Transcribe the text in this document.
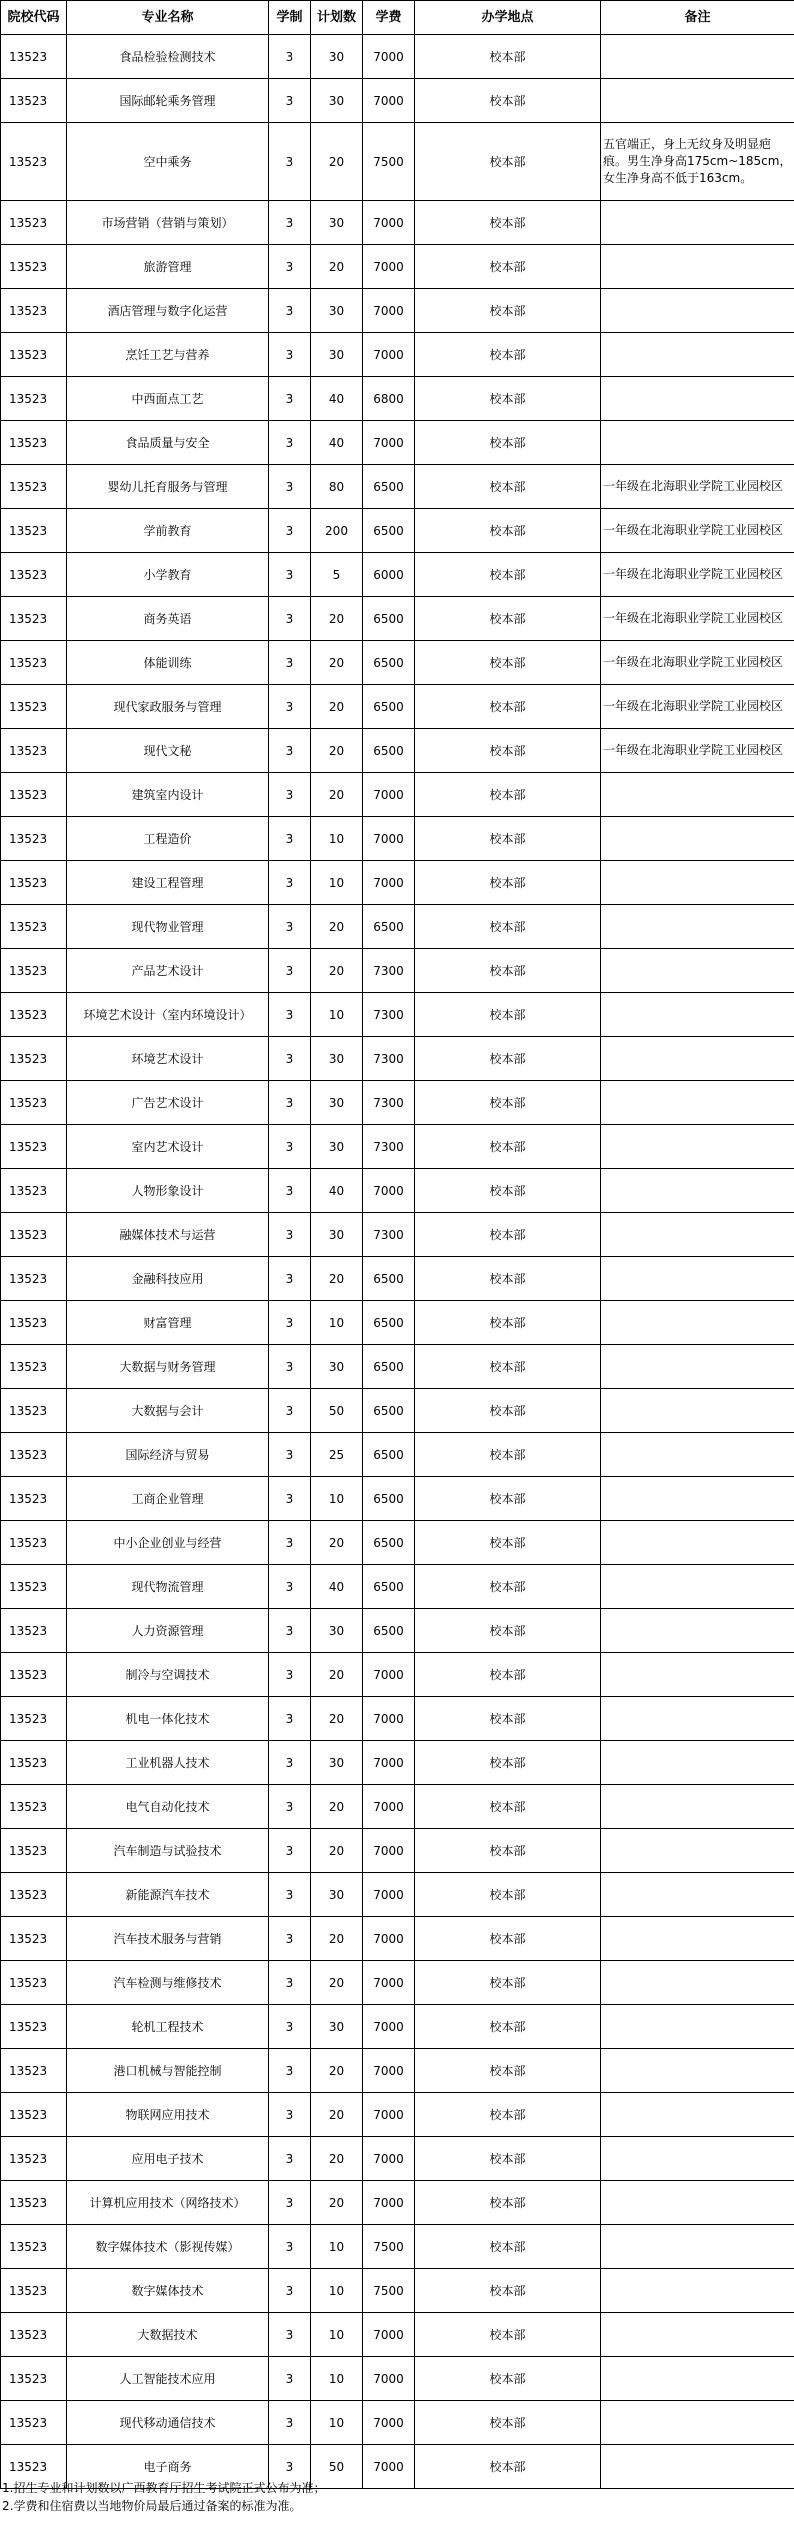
院校代码	专业名称	学制	计划数	学费	办学地点	备注
13523	食品检验检测技术	3	30	7000	校本部	
13523	国际邮轮乘务管理	3	30	7000	校本部	
13523	空中乘务	3	20	7500	校本部	五官端正，身上无纹身及明显疤痕。男生净身高175cm~185cm，女生净身高不低于163cm。
13523	市场营销（营销与策划）	3	30	7000	校本部	
13523	旅游管理	3	20	7000	校本部	
13523	酒店管理与数字化运营	3	30	7000	校本部	
13523	烹饪工艺与营养	3	30	7000	校本部	
13523	中西面点工艺	3	40	6800	校本部	
13523	食品质量与安全	3	40	7000	校本部	
13523	婴幼儿托育服务与管理	3	80	6500	校本部	一年级在北海职业学院工业园校区
13523	学前教育	3	200	6500	校本部	一年级在北海职业学院工业园校区
13523	小学教育	3	5	6000	校本部	一年级在北海职业学院工业园校区
13523	商务英语	3	20	6500	校本部	一年级在北海职业学院工业园校区
13523	体能训练	3	20	6500	校本部	一年级在北海职业学院工业园校区
13523	现代家政服务与管理	3	20	6500	校本部	一年级在北海职业学院工业园校区
13523	现代文秘	3	20	6500	校本部	一年级在北海职业学院工业园校区
13523	建筑室内设计	3	20	7000	校本部	
13523	工程造价	3	10	7000	校本部	
13523	建设工程管理	3	10	7000	校本部	
13523	现代物业管理	3	20	6500	校本部	
13523	产品艺术设计	3	20	7300	校本部	
13523	环境艺术设计（室内环境设计）	3	10	7300	校本部	
13523	环境艺术设计	3	30	7300	校本部	
13523	广告艺术设计	3	30	7300	校本部	
13523	室内艺术设计	3	30	7300	校本部	
13523	人物形象设计	3	40	7000	校本部	
13523	融媒体技术与运营	3	30	7300	校本部	
13523	金融科技应用	3	20	6500	校本部	
13523	财富管理	3	10	6500	校本部	
13523	大数据与财务管理	3	30	6500	校本部	
13523	大数据与会计	3	50	6500	校本部	
13523	国际经济与贸易	3	25	6500	校本部	
13523	工商企业管理	3	10	6500	校本部	
13523	中小企业创业与经营	3	20	6500	校本部	
13523	现代物流管理	3	40	6500	校本部	
13523	人力资源管理	3	30	6500	校本部	
13523	制冷与空调技术	3	20	7000	校本部	
13523	机电一体化技术	3	20	7000	校本部	
13523	工业机器人技术	3	30	7000	校本部	
13523	电气自动化技术	3	20	7000	校本部	
13523	汽车制造与试验技术	3	20	7000	校本部	
13523	新能源汽车技术	3	30	7000	校本部	
13523	汽车技术服务与营销	3	20	7000	校本部	
13523	汽车检测与维修技术	3	20	7000	校本部	
13523	轮机工程技术	3	30	7000	校本部	
13523	港口机械与智能控制	3	20	7000	校本部	
13523	物联网应用技术	3	20	7000	校本部	
13523	应用电子技术	3	20	7000	校本部	
13523	计算机应用技术（网络技术）	3	20	7000	校本部	
13523	数字媒体技术（影视传媒）	3	10	7500	校本部	
13523	数字媒体技术	3	10	7500	校本部	
13523	大数据技术	3	10	7000	校本部	
13523	人工智能技术应用	3	10	7000	校本部	
13523	现代移动通信技术	3	10	7000	校本部	
13523	电子商务	3	50	7000	校本部	
1.招生专业和计划数以广西教育厅招生考试院正式公布为准；
2.学费和住宿费以当地物价局最后通过备案的标准为准。
